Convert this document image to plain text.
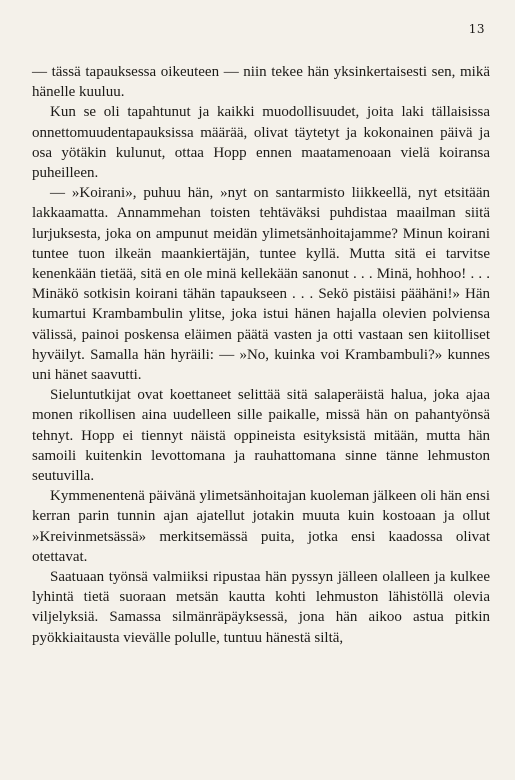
13

— tässä tapauksessa oikeuteen — niin tekee hän yksinkertaisesti sen, mikä hänelle kuuluu.

Kun se oli tapahtunut ja kaikki muodollisuudet, joita laki tällaisissa onnettomuudentapauksissa määrää, olivat täytetyt ja kokonainen päivä ja osa yötäkin kulunut, ottaa Hopp ennen maatamenoaan vielä koiransa puheilleen.

— »Koirani», puhuu hän, »nyt on santarmisto liikkeellä, nyt etsitään lakkaamatta. Annammehan toisten tehtäväksi puhdistaa maailman siitä lurjuksesta, joka on ampunut meidän ylimetsänhoitajamme? Minun koirani tuntee tuon ilkeän maankiertäjän, tuntee kyllä. Mutta sitä ei tarvitse kenenkään tietää, sitä en ole minä kellekään sanonut . . . Minä, hohhoo! . . . Minäkö sotkisin koirani tähän tapaukseen . . . Sekö pistäisi päähäni!» Hän kumartui Krambambulin ylitse, joka istui hänen hajalla olevien polviensa välissä, painoi poskensa eläimen päätä vasten ja otti vastaan sen kiitolliset hyväilyt. Samalla hän hyräili: — »No, kuinka voi Krambambuli?» kunnes uni hänet saavutti.

Sieluntutkijat ovat koettaneet selittää sitä salaperäistä halua, joka ajaa monen rikollisen aina uudelleen sille paikalle, missä hän on pahantyönsä tehnyt. Hopp ei tiennyt näistä oppineista esityksistä mitään, mutta hän samoili kuitenkin levottomana ja rauhattomana sinne tänne lehmuston seutuvilla.

Kymmenentenä päivänä ylimetsänhoitajan kuoleman jälkeen oli hän ensi kerran parin tunnin ajan ajatellut jotakin muuta kuin kostoaan ja ollut »Kreivinmetsässä» merkitsemässä puita, jotka ensi kaadossa olivat otettavat.

Saatuaan työnsä valmiiksi ripustaa hän pyssyn jälleen olalleen ja kulkee lyhintä tietä suoraan metsän kautta kohti lehmuston lähistöllä olevia viljelyksiä. Samassa silmänräpäyksessä, jona hän aikoo astua pitkin pyökkiaitausta vievälle polulle, tuntuu hänestä siltä,
